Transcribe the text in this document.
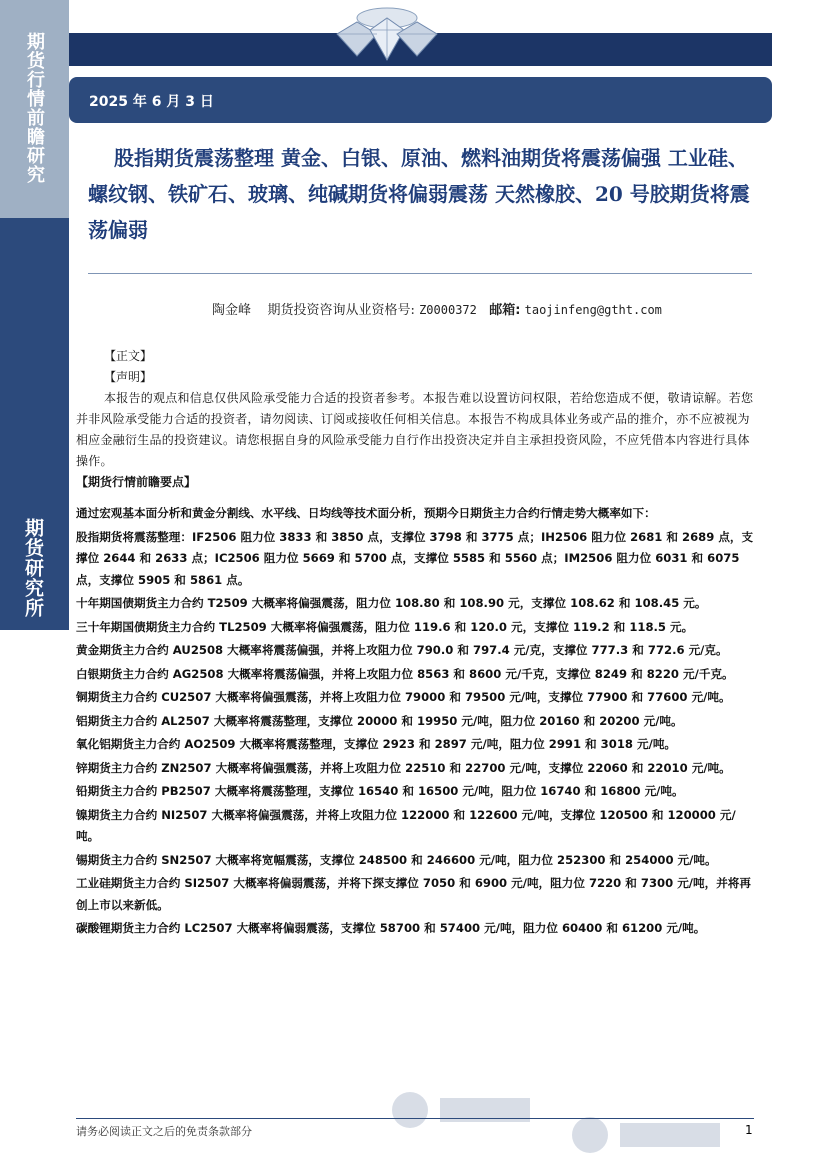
期货行情前瞻研究
期货研究所
2025 年 6 月 3 日

股指期货震荡整理 黄金、白银、原油、燃料油期货将震荡偏强 工业硅、螺纹钢、铁矿石、玻璃、纯碱期货将偏弱震荡 天然橡胶、20 号胶期货将震荡偏弱

陶金峰 期货投资咨询从业资格号: Z0000372 邮箱: taojinfeng@gtht.com

【正文】

【声明】

本报告的观点和信息仅供风险承受能力合适的投资者参考。本报告难以设置访问权限，若给您造成不便，敬请谅解。若您并非风险承受能力合适的投资者，请勿阅读、订阅或接收任何相关信息。本报告不构成具体业务或产品的推介，亦不应被视为相应金融衍生品的投资建议。请您根据自身的风险承受能力自行作出投资决定并自主承担投资风险，不应凭借本内容进行具体操作。

【期货行情前瞻要点】

通过宏观基本面分析和黄金分割线、水平线、日均线等技术面分析，预期今日期货主力合约行情走势大概率如下：

股指期货将震荡整理：IF2506 阻力位 3833 和 3850 点，支撑位 3798 和 3775 点；IH2506 阻力位 2681 和 2689 点，支撑位 2644 和 2633 点；IC2506 阻力位 5669 和 5700 点，支撑位 5585 和 5560 点；IM2506 阻力位 6031 和 6075 点，支撑位 5905 和 5861 点。

十年期国债期货主力合约 T2509 大概率将偏强震荡，阻力位 108.80 和 108.90 元，支撑位 108.62 和 108.45 元。

三十年期国债期货主力合约 TL2509 大概率将偏强震荡，阻力位 119.6 和 120.0 元，支撑位 119.2 和 118.5 元。

黄金期货主力合约 AU2508 大概率将震荡偏强，并将上攻阻力位 790.0 和 797.4 元/克，支撑位 777.3 和 772.6 元/克。

白银期货主力合约 AG2508 大概率将震荡偏强，并将上攻阻力位 8563 和 8600 元/千克，支撑位 8249 和 8220 元/千克。

铜期货主力合约 CU2507 大概率将偏强震荡，并将上攻阻力位 79000 和 79500 元/吨，支撑位 77900 和 77600 元/吨。

铝期货主力合约 AL2507 大概率将震荡整理，支撑位 20000 和 19950 元/吨，阻力位 20160 和 20200 元/吨。

氧化铝期货主力合约 AO2509 大概率将震荡整理，支撑位 2923 和 2897 元/吨，阻力位 2991 和 3018 元/吨。

锌期货主力合约 ZN2507 大概率将偏强震荡，并将上攻阻力位 22510 和 22700 元/吨，支撑位 22060 和 22010 元/吨。

铅期货主力合约 PB2507 大概率将震荡整理，支撑位 16540 和 16500 元/吨，阻力位 16740 和 16800 元/吨。

镍期货主力合约 NI2507 大概率将偏强震荡，并将上攻阻力位 122000 和 122600 元/吨，支撑位 120500 和 120000 元/吨。

锡期货主力合约 SN2507 大概率将宽幅震荡，支撑位 248500 和 246600 元/吨，阻力位 252300 和 254000 元/吨。

工业硅期货主力合约 SI2507 大概率将偏弱震荡，并将下探支撑位 7050 和 6900 元/吨，阻力位 7220 和 7300 元/吨，并将再创上市以来新低。

碳酸锂期货主力合约 LC2507 大概率将偏弱震荡，支撑位 58700 和 57400 元/吨，阻力位 60400 和 61200 元/吨。

请务必阅读正文之后的免责条款部分	1
